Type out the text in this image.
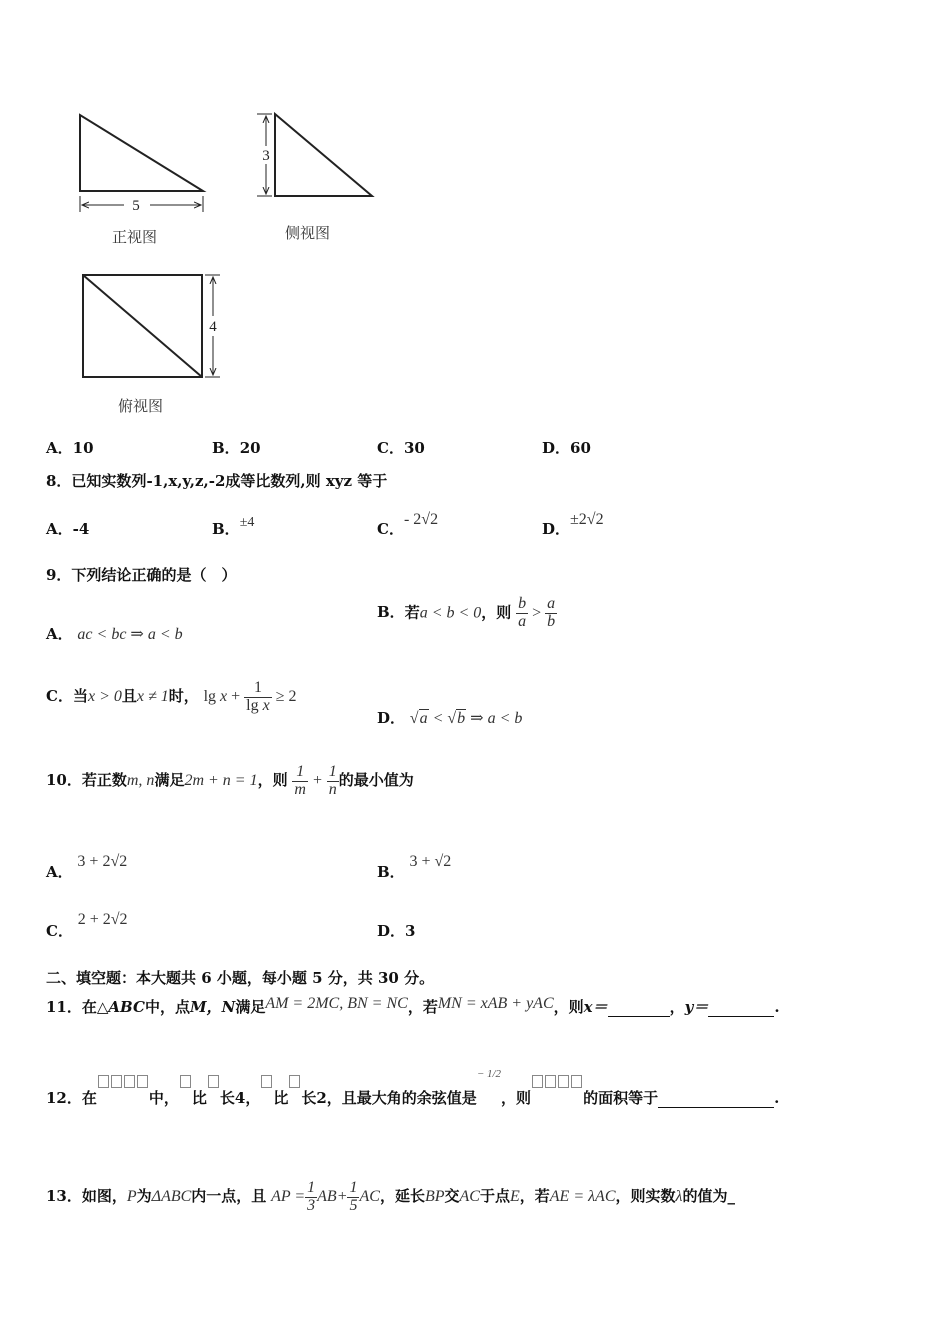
5
3
4
正视图	侧视图
俯视图
A．10	B．20	C．30	D．60
8．已知实数列-1,x,y,z,-2成等比数列,则 xyz 等于
A．-4	B．±4	C．- 2√2
D．±2√2
9．下列结论正确的是（　）
A． ac < bc ⇒ a < b
B．若a < b < 0，则 $\frac{b}{a} > \frac{a}{b}$
C．当x > 0且x ≠ 1时， $\lg x + \frac{1}{\text{lg x}} \ge 2$
D． √a < √b ⇒ a < b
10．若正数m, n满足2m + n = 1，则 $\frac{1}{m} + \frac{1}{n}$ 的最小值为
A． 3 + 2√2
B． 3 + √2
C． 2 + 2√2
D．3
二、填空题：本大题共 6 小题，每小题 5 分，共 30 分。
11．在△ABC中，点M，N满足AM = 2MC, BN = NC，若MN = xAB + yAC，则x＝	，y＝	.
12．在	中， 比 长4， 比 长2，且最大角的余弦值是$^{- 1/2}$，则	的面积等于	.
13．如图，P为ΔABC内一点，且 AP = $\frac{1}{3} AB+ \frac{1}{5}$ AC，延长BP交AC于点E，若AE = λAC，则实数λ的值为_
